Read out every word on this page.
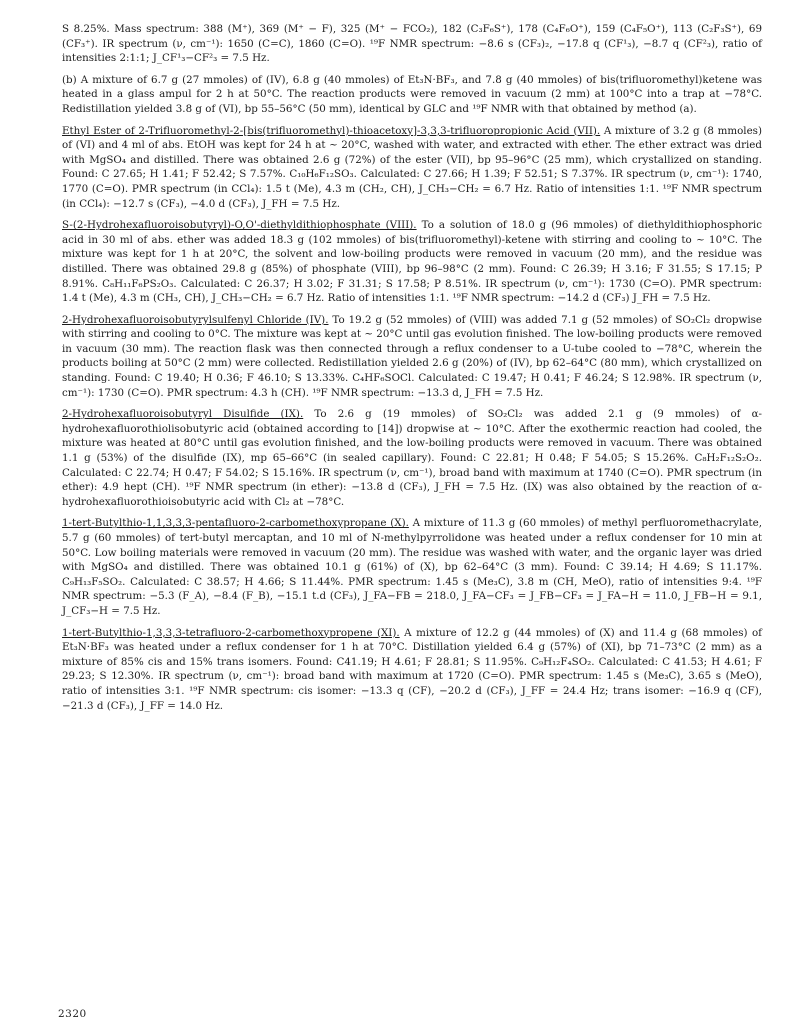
S 8.25%. Mass spectrum: 388 (M⁺), 369 (M⁺ − F), 325 (M⁺ − FCO₂), 182 (C₃F₆S⁺), 178 (C₄F₆O⁺), 159 (C₄F₅O⁺), 113 (C₂F₃S⁺), 69 (CF₃⁺). IR spectrum (ν, cm⁻¹): 1650 (C=C), 1860 (C=O). ¹⁹F NMR spectrum: −8.6 s (CF₃)₂, −17.8 q (CF¹₃), −8.7 q (CF²₃), ratio of intensities 2:1:1; J_CF¹₃−CF²₃ = 7.5 Hz.

(b) A mixture of 6.7 g (27 mmoles) of (IV), 6.8 g (40 mmoles) of Et₃N·BF₃, and 7.8 g (40 mmoles) of bis(trifluoromethyl)ketene was heated in a glass ampul for 2 h at 50°C. The reaction products were removed in vacuum (2 mm) at 100°C into a trap at −78°C. Redistillation yielded 3.8 g of (VI), bp 55–56°C (50 mm), identical by GLC and ¹⁹F NMR with that obtained by method (a).

Ethyl Ester of 2-Trifluoromethyl-2-[bis(trifluoromethyl)-thioacetoxy]-3,3,3-trifluoropropionic Acid (VII). A mixture of 3.2 g (8 mmoles) of (VI) and 4 ml of abs. EtOH was kept for 24 h at ~ 20°C, washed with water, and extracted with ether. The ether extract was dried with MgSO₄ and distilled. There was obtained 2.6 g (72%) of the ester (VII), bp 95–96°C (25 mm), which crystallized on standing. Found: C 27.65; H 1.41; F 52.42; S 7.57%. C₁₀H₆F₁₂SO₃. Calculated: C 27.66; H 1.39; F 52.51; S 7.37%. IR spectrum (ν, cm⁻¹): 1740, 1770 (C=O). PMR spectrum (in CCl₄): 1.5 t (Me), 4.3 m (CH₂, CH), J_CH₃−CH₂ = 6.7 Hz. Ratio of intensities 1:1. ¹⁹F NMR spectrum (in CCl₄): −12.7 s (CF₃), −4.0 d (CF₃), J_FH = 7.5 Hz.

S-(2-Hydrohexafluoroisobutyryl)-O,O'-diethyldithiophosphate (VIII). To a solution of 18.0 g (96 mmoles) of diethyldithiophosphoric acid in 30 ml of abs. ether was added 18.3 g (102 mmoles) of bis(trifluoromethyl)-ketene with stirring and cooling to ~ 10°C. The mixture was kept for 1 h at 20°C, the solvent and low-boiling products were removed in vacuum (20 mm), and the residue was distilled. There was obtained 29.8 g (85%) of phosphate (VIII), bp 96–98°C (2 mm). Found: C 26.39; H 3.16; F 31.55; S 17.15; P 8.91%. C₈H₁₁F₆PS₂O₃. Calculated: C 26.37; H 3.02; F 31.31; S 17.58; P 8.51%. IR spectrum (ν, cm⁻¹): 1730 (C=O). PMR spectrum: 1.4 t (Me), 4.3 m (CH₃, CH), J_CH₃−CH₂ = 6.7 Hz. Ratio of intensities 1:1. ¹⁹F NMR spectrum: −14.2 d (CF₃) J_FH = 7.5 Hz.

2-Hydrohexafluoroisobutyrylsulfenyl Chloride (IV). To 19.2 g (52 mmoles) of (VIII) was added 7.1 g (52 mmoles) of SO₂Cl₂ dropwise with stirring and cooling to 0°C. The mixture was kept at ~ 20°C until gas evolution finished. The low-boiling products were removed in vacuum (30 mm). The reaction flask was then connected through a reflux condenser to a U-tube cooled to −78°C, wherein the products boiling at 50°C (2 mm) were collected. Redistillation yielded 2.6 g (20%) of (IV), bp 62–64°C (80 mm), which crystallized on standing. Found: C 19.40; H 0.36; F 46.10; S 13.33%. C₄HF₆SOCl. Calculated: C 19.47; H 0.41; F 46.24; S 12.98%. IR spectrum (ν, cm⁻¹): 1730 (C=O). PMR spectrum: 4.3 h (CH). ¹⁹F NMR spectrum: −13.3 d, J_FH = 7.5 Hz.

2-Hydrohexafluoroisobutyryl Disulfide (IX). To 2.6 g (19 mmoles) of SO₂Cl₂ was added 2.1 g (9 mmoles) of α-hydrohexafluorothiolisobutyric acid (obtained according to [14]) dropwise at ~ 10°C. After the exothermic reaction had cooled, the mixture was heated at 80°C until gas evolution finished, and the low-boiling products were removed in vacuum. There was obtained 1.1 g (53%) of the disulfide (IX), mp 65–66°C (in sealed capillary). Found: C 22.81; H 0.48; F 54.05; S 15.26%. C₈H₂F₁₂S₂O₂. Calculated: C 22.74; H 0.47; F 54.02; S 15.16%. IR spectrum (ν, cm⁻¹), broad band with maximum at 1740 (C=O). PMR spectrum (in ether): 4.9 hept (CH). ¹⁹F NMR spectrum (in ether): −13.8 d (CF₃), J_FH = 7.5 Hz. (IX) was also obtained by the reaction of α-hydrohexafluorothioisobutyric acid with Cl₂ at −78°C.

1-tert-Butylthio-1,1,3,3,3-pentafluoro-2-carbomethoxypropane (X). A mixture of 11.3 g (60 mmoles) of methyl perfluoromethacrylate, 5.7 g (60 mmoles) of tert-butyl mercaptan, and 10 ml of N-methylpyrrolidone was heated under a reflux condenser for 10 min at 50°C. Low boiling materials were removed in vacuum (20 mm). The residue was washed with water, and the organic layer was dried with MgSO₄ and distilled. There was obtained 10.1 g (61%) of (X), bp 62–64°C (3 mm). Found: C 39.14; H 4.69; S 11.17%. C₉H₁₃F₅SO₂. Calculated: C 38.57; H 4.66; S 11.44%. PMR spectrum: 1.45 s (Me₃C), 3.8 m (CH, MeO), ratio of intensities 9:4. ¹⁹F NMR spectrum: −5.3 (F_A), −8.4 (F_B), −15.1 t.d (CF₃), J_FA−FB = 218.0, J_FA−CF₃ = J_FB−CF₃ = J_FA−H = 11.0, J_FB−H = 9.1, J_CF₃−H = 7.5 Hz.

1-tert-Butylthio-1,3,3,3-tetrafluoro-2-carbomethoxypropene (XI). A mixture of 12.2 g (44 mmoles) of (X) and 11.4 g (68 mmoles) of Et₃N·BF₃ was heated under a reflux condenser for 1 h at 70°C. Distillation yielded 6.4 g (57%) of (XI), bp 71–73°C (2 mm) as a mixture of 85% cis and 15% trans isomers. Found: C41.19; H 4.61; F 28.81; S 11.95%. C₉H₁₂F₄SO₂. Calculated: C 41.53; H 4.61; F 29.23; S 12.30%. IR spectrum (ν, cm⁻¹): broad band with maximum at 1720 (C=O). PMR spectrum: 1.45 s (Me₃C), 3.65 s (MeO), ratio of intensities 3:1. ¹⁹F NMR spectrum: cis isomer: −13.3 q (CF), −20.2 d (CF₃), J_FF = 24.4 Hz; trans isomer: −16.9 q (CF), −21.3 d (CF₃), J_FF = 14.0 Hz.

2320
